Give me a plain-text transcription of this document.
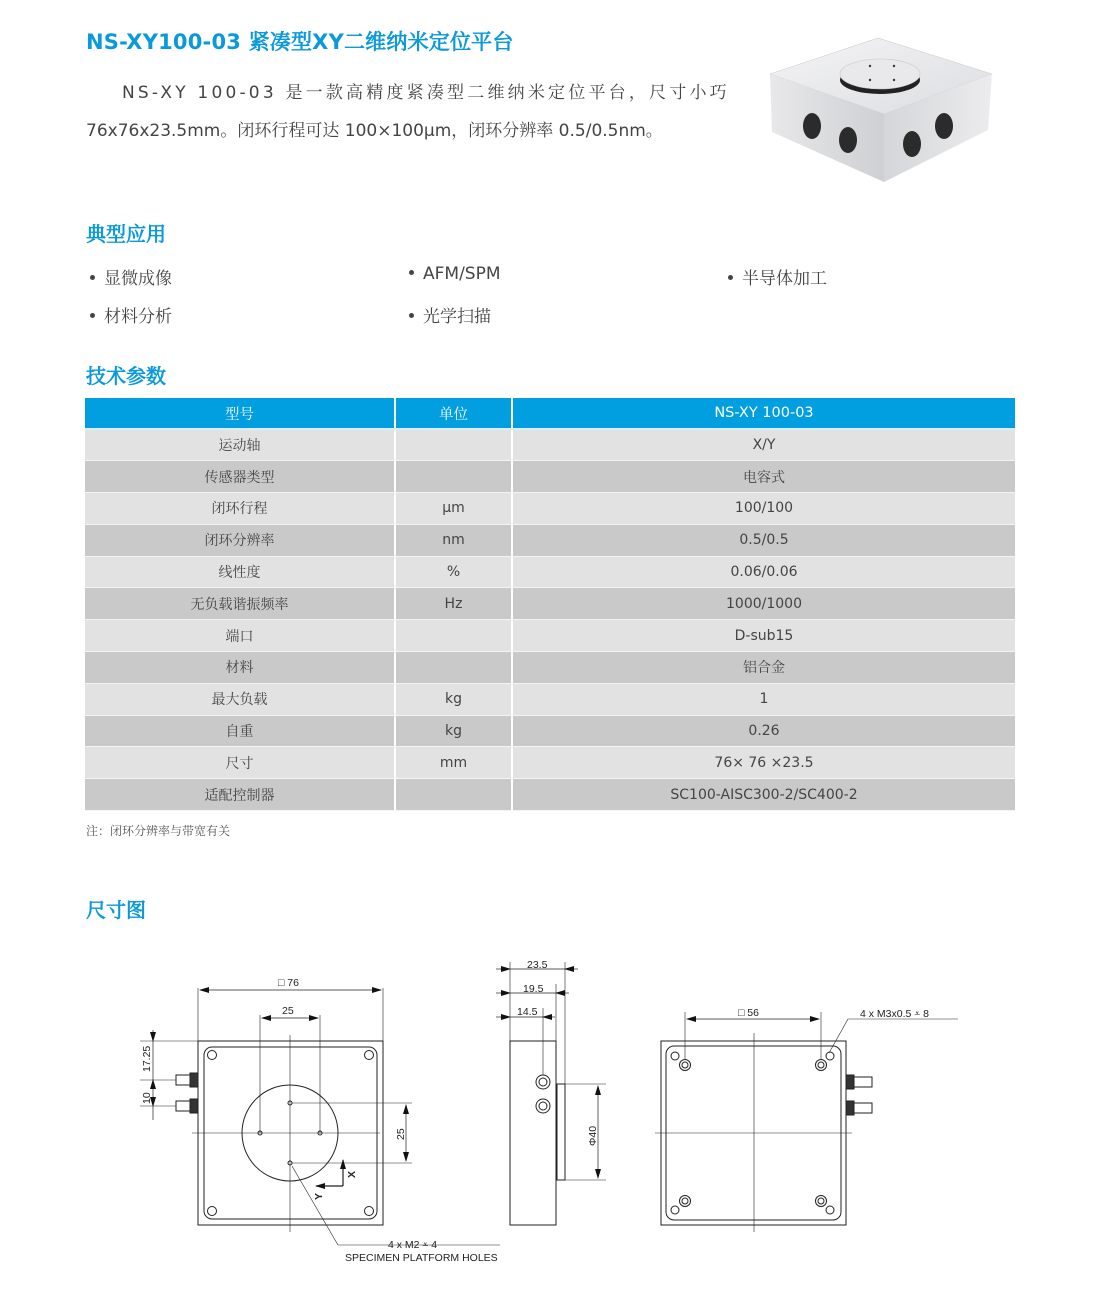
NS-XY100-03 紧凑型XY二维纳米定位平台
NS-XY 100-03 是一款高精度紧凑型二维纳米定位平台，尺寸小巧
76x76x23.5mm。闭环行程可达 100×100μm，闭环分辨率 0.5/0.5nm。
典型应用
显微成像	AFM/SPM	半导体加工
材料分析	光学扫描
技术参数
型号	单位	NS-XY 100-03
运动轴		X/Y
传感器类型		电容式
闭环行程	μm	100/100
闭环分辨率	nm	0.5/0.5
线性度	%	0.06/0.06
无负载谐振频率	Hz	1000/1000
端口		D-sub15
材料		铝合金
最大负载	kg	1
自重	kg	0.26
尺寸	mm	76× 76 ×23.5
适配控制器		SC100-AISC300-2/SC400-2
注：闭环分辨率与带宽有关
尺寸图
□ 76
25
25
17.25
10
X
Y
4 x M2 ⩡ 4
SPECIMEN PLATFORM HOLES
23.5
19.5
14.5
Φ40
□ 56	4 x M3x0.5 ⩡ 8
